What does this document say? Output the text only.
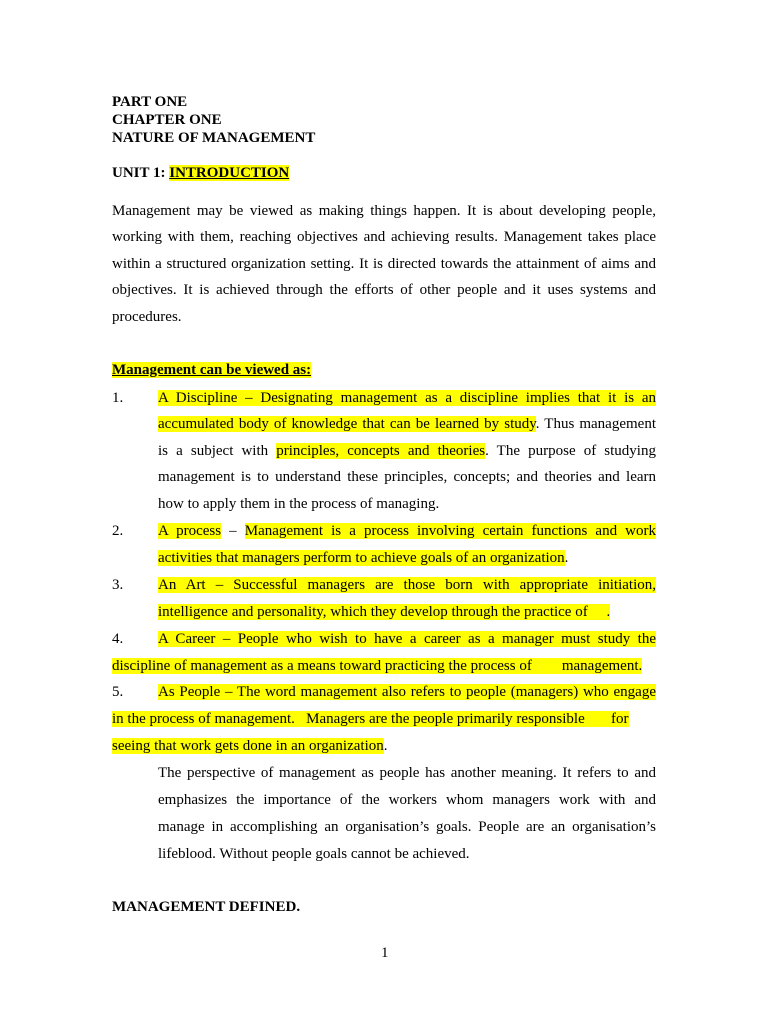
PART ONE
CHAPTER ONE
NATURE OF MANAGEMENT
UNIT 1: INTRODUCTION
Management may be viewed as making things happen. It is about developing people,
working with them, reaching objectives and achieving results. Management takes place
within a structured organization setting. It is directed towards the attainment of aims and
objectives. It is achieved through the efforts of other people and it uses systems and
procedures.
Management can be viewed as:
1. A Discipline – Designating management as a discipline implies that it is an
accumulated body of knowledge that can be learned by study. Thus management
is a subject with principles, concepts and theories. The purpose of studying
management is to understand these principles, concepts; and theories and learn
how to apply them in the process of managing.
2. A process – Management is a process involving certain functions and work
activities that managers perform to achieve goals of an organization.
3. An Art – Successful managers are those born with appropriate initiation,
intelligence and personality, which they develop through the practice of     .
4. A Career – People who wish to have a career as a manager must study the
discipline of management as a means toward practicing the process of        management.
5. As People – The word management also refers to people (managers) who engage
in the process of management.   Managers are the people primarily responsible       for
seeing that work gets done in an organization.
The perspective of management as people has another meaning. It refers to and
emphasizes the importance of the workers whom managers work with and
manage in accomplishing an organisation’s goals. People are an organisation’s
lifeblood. Without people goals cannot be achieved.
MANAGEMENT DEFINED.
1
